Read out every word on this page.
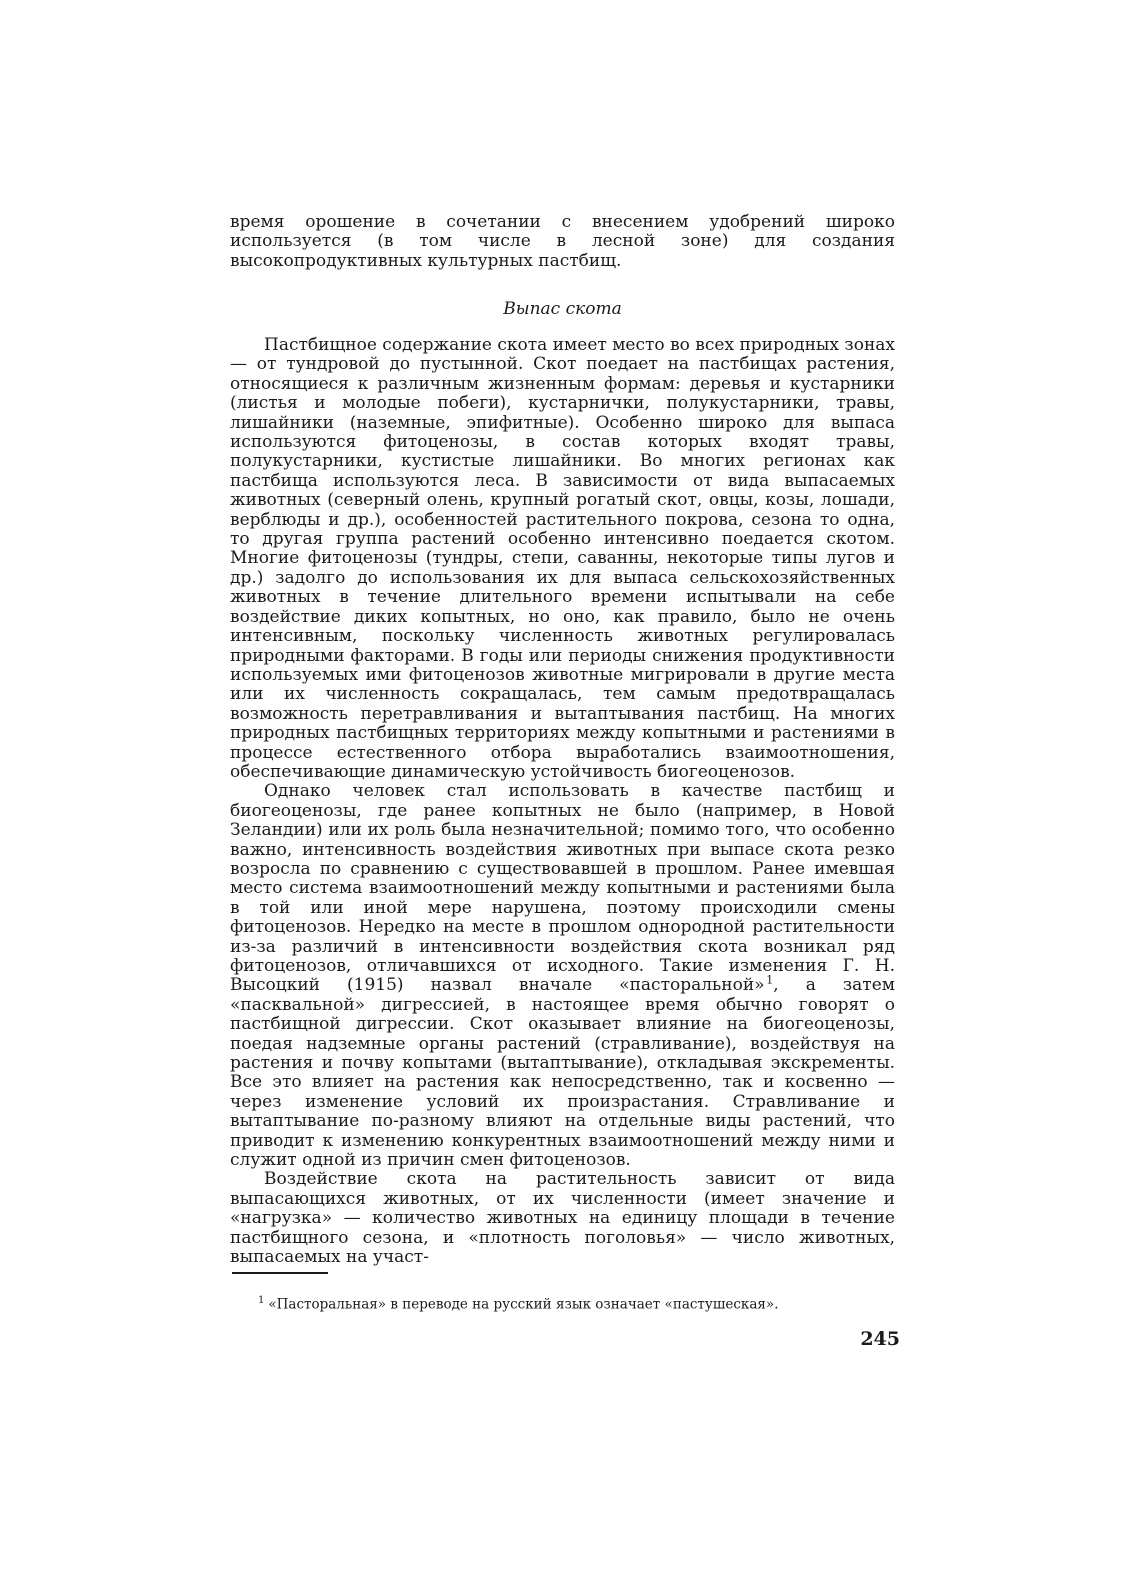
время орошение в сочетании с внесением удобрений широко используется (в том числе в лесной зоне) для создания высокопродуктивных культурных пастбищ.

Выпас скота

Пастбищное содержание скота имеет место во всех природных зонах — от тундровой до пустынной. Скот поедает на пастбищах растения, относящиеся к различным жизненным формам: деревья и кустарники (листья и молодые побеги), кустарнички, полукустарники, травы, лишайники (наземные, эпифитные). Особенно широко для выпаса используются фитоценозы, в состав которых входят травы, полукустарники, кустистые лишайники. Во многих регионах как пастбища используются леса. В зависимости от вида выпасаемых животных (северный олень, крупный рогатый скот, овцы, козы, лошади, верблюды и др.), особенностей растительного покрова, сезона то одна, то другая группа растений особенно интенсивно поедается скотом. Многие фитоценозы (тундры, степи, саванны, некоторые типы лугов и др.) задолго до использования их для выпаса сельскохозяйственных животных в течение длительного времени испытывали на себе воздействие диких копытных, но оно, как правило, было не очень интенсивным, поскольку численность животных регулировалась природными факторами. В годы или периоды снижения продуктивности используемых ими фитоценозов животные мигрировали в другие места или их численность сокращалась, тем самым предотвращалась возможность перетравливания и вытаптывания пастбищ. На многих природных пастбищных территориях между копытными и растениями в процессе естественного отбора выработались взаимоотношения, обеспечивающие динамическую устойчивость биогеоценозов.

Однако человек стал использовать в качестве пастбищ и биогеоценозы, где ранее копытных не было (например, в Новой Зеландии) или их роль была незначительной; помимо того, что особенно важно, интенсивность воздействия животных при выпасе скота резко возросла по сравнению с существовавшей в прошлом. Ранее имевшая место система взаимоотношений между копытными и растениями была в той или иной мере нарушена, поэтому происходили смены фитоценозов. Нередко на месте в прошлом однородной растительности из-за различий в интенсивности воздействия скота возникал ряд фитоценозов, отличавшихся от исходного. Такие изменения Г. Н. Высоцкий (1915) назвал вначале «пасторальной»  $^1$, а затем «пасквальной» дигрессией, в настоящее время обычно говорят о пастбищной дигрессии. Скот оказывает влияние на биогеоценозы, поедая надземные органы растений (стравливание), воздействуя на растения и почву копытами (вытаптывание), откладывая экскременты. Все это влияет на растения как непосредственно, так и косвенно — через изменение условий их произрастания. Стравливание и вытаптывание по-разному влияют на отдельные виды растений, что приводит к изменению конкурентных взаимоотношений между ними и служит одной из причин смен фитоценозов.

Воздействие скота на растительность зависит от вида выпасающихся животных, от их численности (имеет значение и «нагрузка» — количество животных на единицу площади в течение пастбищного сезона, и «плотность поголовья» — число животных, выпасаемых на участ-

$^1$ «Пасторальная» в переводе на русский язык означает «пастушеская».
245
